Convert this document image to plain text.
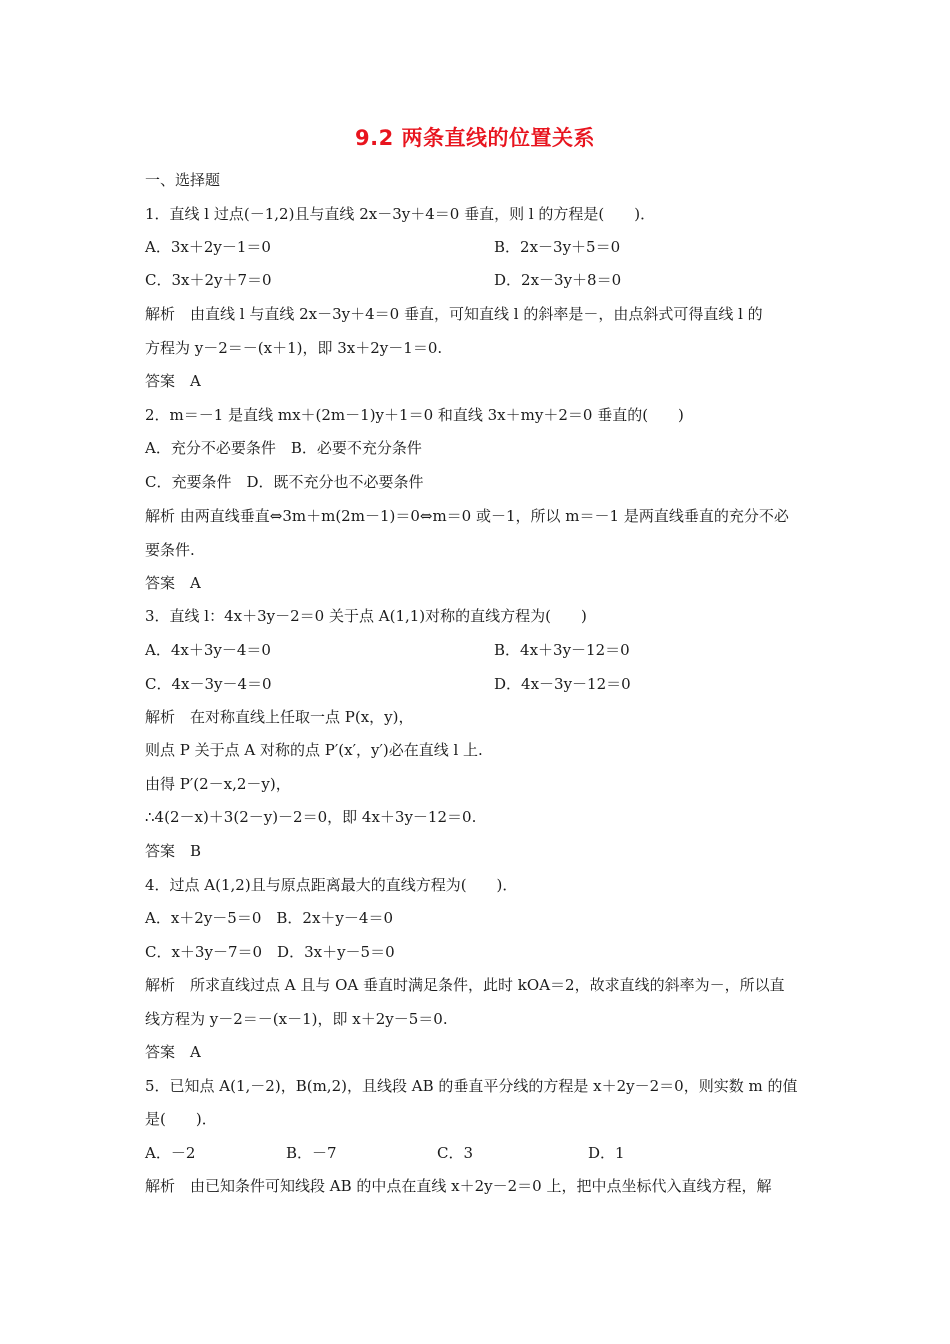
9.2 两条直线的位置关系
一、选择题
1．直线 l 过点(－1,2)且与直线 2x－3y＋4＝0 垂直，则 l 的方程是(　　)．
A．3x＋2y－1＝0	B．2x－3y＋5＝0
C．3x＋2y＋7＝0	D．2x－3y＋8＝0
解析　由直线 l 与直线 2x－3y＋4＝0 垂直，可知直线 l 的斜率是－，由点斜式可得直线 l 的
方程为 y－2＝－(x＋1)，即 3x＋2y－1＝0.
答案　A
2．m＝－1 是直线 mx＋(2m－1)y＋1＝0 和直线 3x＋my＋2＝0 垂直的(　　)
A．充分不必要条件　B．必要不充分条件
C．充要条件　D．既不充分也不必要条件
解析 由两直线垂直⇔3m＋m(2m－1)＝0⇔m＝0 或－1，所以 m＝－1 是两直线垂直的充分不必
要条件.
答案　A
3．直线 l：4x＋3y－2＝0 关于点 A(1,1)对称的直线方程为(　　)
A．4x＋3y－4＝0	B．4x＋3y－12＝0
C．4x－3y－4＝0	D．4x－3y－12＝0
解析　在对称直线上任取一点 P(x，y)，
则点 P 关于点 A 对称的点 P′(x′，y′)必在直线 l 上.
由得 P′(2－x,2－y)，
∴4(2－x)＋3(2－y)－2＝0，即 4x＋3y－12＝0.
答案　B
4．过点 A(1,2)且与原点距离最大的直线方程为(　　)．
A．x＋2y－5＝0　B．2x＋y－4＝0
C．x＋3y－7＝0　D．3x＋y－5＝0
解析　所求直线过点 A 且与 OA 垂直时满足条件，此时 kOA＝2，故求直线的斜率为－，所以直
线方程为 y－2＝－(x－1)，即 x＋2y－5＝0.
答案　A
5．已知点 A(1,－2)，B(m,2)，且线段 AB 的垂直平分线的方程是 x＋2y－2＝0，则实数 m 的值
是(　　)．
A．－2	B．－7	C．3	D．1
解析　由已知条件可知线段 AB 的中点在直线 x＋2y－2＝0 上，把中点坐标代入直线方程，解
